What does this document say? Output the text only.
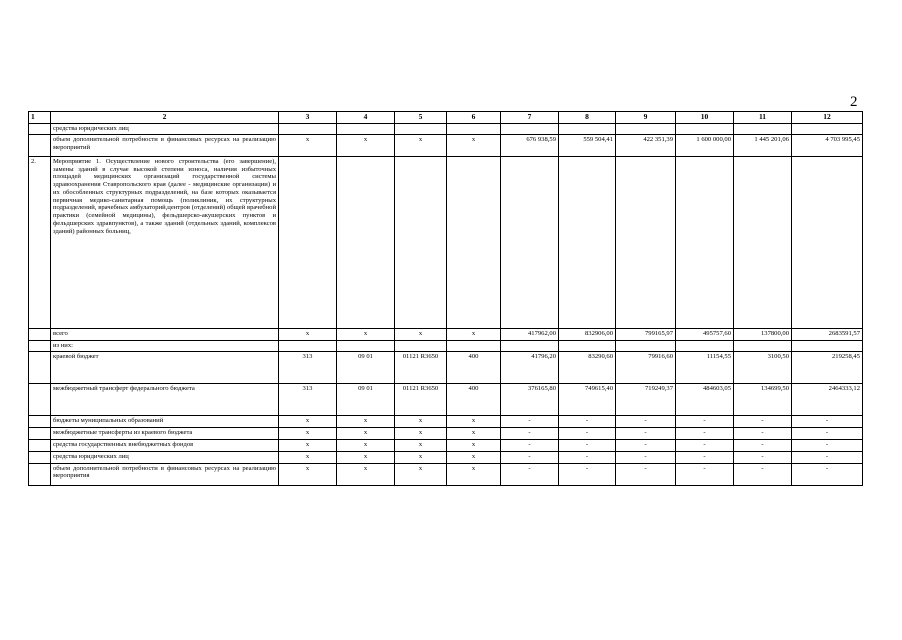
2
1	2	3	4	5	6	7	8	9	10	11	12
	средства юридических лиц										
	объем дополнительной потребности в финансовых ресурсах на реализацию мероприятий	x	x	x	x	676 938,59	559 504,41	422 351,39	1 600 000,00	1 445 201,06	4 703 995,45
2.	Мероприятие 1. Осуществление нового строительства (его завершение), замены зданий в случае высокой степени износа, наличия избыточных площадей медицинских организаций государственной системы здравоохранения Ставропольского края (далее - медицинские организации) и их обособленных структурных подразделений, на базе которых оказывается первичная медико-санитарная помощь (поликлиник, их структурных подразделений, врачебных амбулаторий,центров (отделений) общей врачебной практики (семейной медицины), фельдшерско-акушерских пунктов и фельдшерских здравпунктов), а также зданий (отдельных зданий, комплексов зданий) районных больниц,										
	всего	x	x	x	x	417962,00	832906,00	799165,97	495757,60	137800,00	2683591,57
	из них:										
	краевой бюджет	313	09 01	01121 R3650	400	41796,20	83290,60	79916,60	11154,55	3100,50	219258,45
	межбюджетный трансферт федерального бюджета	313	09 01	01121 R3650	400	376165,80	749615,40	719249,37	484603,05	134699,50	2464333,12
	бюджеты муниципальных образований	x	x	x	x	-	-	-	-	-	-
	межбюджетные трансферты из краевого бюджета	x	x	x	x	-	-	-	-	-	-
	средства государственных внебюджетных фондов	x	x	x	x	-	-	-	-	-	-
	средства юридических лиц	x	x	x	x	-	-	-	-	-	-
	объем дополнительной потребности в финансовых ресурсах на реализацию мероприятия	x	x	x	x	-	-	-	-	-	-
